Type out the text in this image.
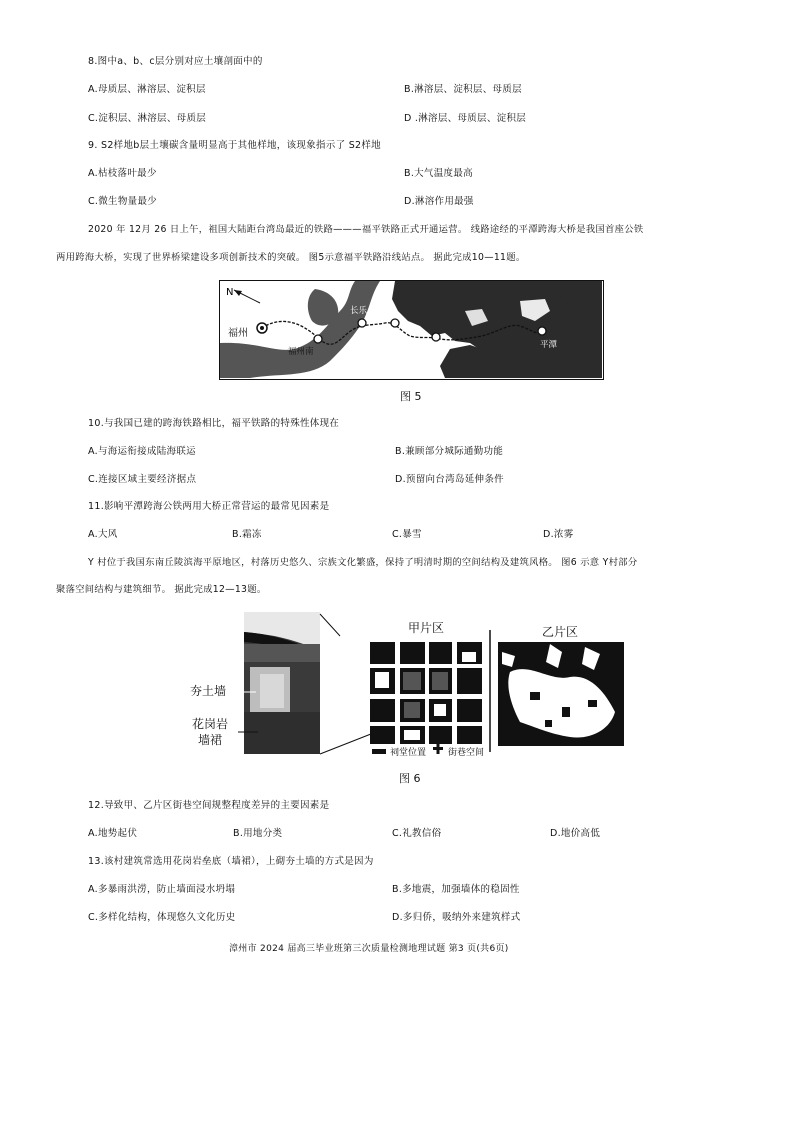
8.图中a、b、c层分别对应土壤剖面中的
A.母质层、淋溶层、淀积层	B.淋溶层、淀积层、母质层
C.淀积层、淋溶层、母质层	D .淋溶层、母质层、淀积层
9. S2样地b层土壤碳含量明显高于其他样地，该现象指示了 S2样地
A.枯枝落叶最少	B.大气温度最高
C.微生物量最少	D.淋溶作用最强
2020 年 12月 26 日上午，祖国大陆距台湾岛最近的铁路———福平铁路正式开通运营。 线路途经的平潭跨海大桥是我国首座公铁
两用跨海大桥，实现了世界桥梁建设多项创新技术的突破。 图5示意福平铁路沿线站点。 据此完成10—11题。
N
福州
福州南
长乐
长乐东
长乐南
平潭
图 5
10.与我国已建的跨海铁路相比，福平铁路的特殊性体现在
A.与海运衔接成陆海联运	B.兼顾部分城际通勤功能
C.连接区域主要经济据点	D.预留向台湾岛延伸条件
11.影响平潭跨海公铁两用大桥正常营运的最常见因素是
A.大风	B.霜冻	C.暴雪	D.浓雾
Y 村位于我国东南丘陵滨海平原地区，村落历史悠久、宗族文化繁盛，保持了明清时期的空间结构及建筑风格。 图6 示意 Y村部分
聚落空间结构与建筑细节。 据此完成12—13题。
夯土墙
花岗岩
墙裙
甲片区	乙片区
祠堂位置 街巷空间
图 6
12.导致甲、乙片区街巷空间规整程度差异的主要因素是
A.地势起伏	B.用地分类	C.礼教信俗	D.地价高低
13.该村建筑常选用花岗岩垒底（墙裙），上砌夯土墙的方式是因为
A.多暴雨洪涝，防止墙面浸水坍塌	B.多地震，加强墙体的稳固性
C.多样化结构，体现悠久文化历史	D.多归侨，吸纳外来建筑样式
漳州市 2024 届高三毕业班第三次质量检测地理试题 第3 页(共6页)
